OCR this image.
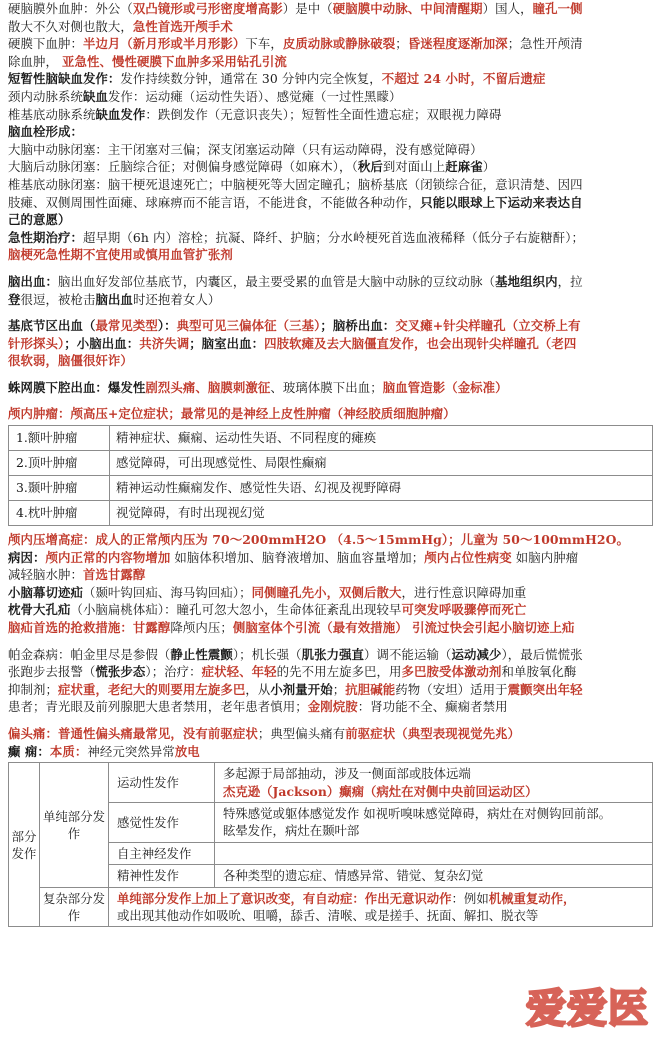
硬脑膜外血肿：外公（双凸镜形或弓形密度增高影）是中（硬脑膜中动脉、中间清醒期）国人，瞳孔一侧
散大不久对侧也散大，急性首选开颅手术
硬膜下血肿：半边月（新月形或半月形影）下车，皮质动脉或静脉破裂；昏迷程度逐渐加深；急性开颅清
除血肿， 亚急性、慢性硬膜下血肿多采用钻孔引流
短暂性脑缺血发作：发作持续数分钟，通常在 30 分钟内完全恢复，不超过 24 小时，不留后遗症
颈内动脉系统缺血发作：运动瘫（运动性失语）、感觉瘫（一过性黑矇）
椎基底动脉系统缺血发作：跌倒发作（无意识丧失）；短暂性全面性遗忘症；双眼视力障碍
脑血栓形成：
大脑中动脉闭塞：主干闭塞对三偏；深支闭塞运动障（只有运动障碍，没有感觉障碍）
大脑后动脉闭塞：丘脑综合征；对侧偏身感觉障碍（如麻木），（秋后到对面山上赶麻雀）
椎基底动脉闭塞：脑干梗死退速死亡；中脑梗死等大固定瞳孔；脑桥基底（闭锁综合征，意识清楚、因四
肢瘫、双侧周围性面瘫、球麻痹而不能言语，不能进食，不能做各种动作，只能以眼球上下运动来表达自
己的意愿）
急性期治疗：超早期（6h 内）溶栓；抗凝、降纤、护脑；分水岭梗死首选血液稀释（低分子右旋糖酐）；
脑梗死急性期不宜使用或慎用血管扩张剂
脑出血：脑出血好发部位基底节，内囊区，最主要受累的血管是大脑中动脉的豆纹动脉（基地组织内，拉
登很逗，被枪击脑出血时还抱着女人）
基底节区出血（最常见类型）：典型可见三偏体征（三基）；脑桥出血：交叉瘫+针尖样瞳孔（立交桥上有
针形探头）；小脑出血：共济失调；脑室出血：四肢软瘫及去大脑僵直发作，也会出现针尖样瞳孔（老四
很软弱，脑僵很奸诈）
蛛网膜下腔出血：爆发性剧烈头痛、脑膜刺激征、玻璃体膜下出血；脑血管造影（金标准）
颅内肿瘤：颅高压+定位症状；最常见的是神经上皮性肿瘤（神经胶质细胞肿瘤）
1.额叶肿瘤	精神症状、癫痫、运动性失语、不同程度的瘫痪
2.顶叶肿瘤	感觉障碍，可出现感觉性、局限性癫痫
3.颞叶肿瘤	精神运动性癫痫发作、感觉性失语、幻视及视野障碍
4.枕叶肿瘤	视觉障碍，有时出现视幻觉
颅内压增高症：成人的正常颅内压为 70～200mmH2O （4.5～15mmHg）；儿童为 50～100mmH2O。
病因：颅内正常的内容物增加 如脑体积增加、脑脊液增加、脑血容量增加；颅内占位性病变 如脑内肿瘤
减轻脑水肿：首选甘露醇
小脑幕切迹疝（颞叶钩回疝、海马钩回疝）；同侧瞳孔先小，双侧后散大，进行性意识障碍加重
枕骨大孔疝（小脑扁桃体疝）：瞳孔可忽大忽小，生命体征紊乱出现较早可突发呼吸骤停而死亡
脑疝首选的抢救措施：甘露醇降颅内压；侧脑室体个引流（最有效措施） 引流过快会引起小脑切迹上疝
帕金森病：帕金里尽是参假（静止性震颤）；机长强（肌张力强直）调不能运输（运动减少），最后慌慌张
张跑步去报警（慌张步态）；治疗：症状轻、年轻的先不用左旋多巴，用多巴胺受体激动剂和单胺氧化酶
抑制剂；症状重，老纪大的则要用左旋多巴，从小剂量开始；抗胆碱能药物（安坦）适用于震颤突出年轻
患者；青光眼及前列腺肥大患者禁用，老年患者慎用；金刚烷胺：肾功能不全、癫痫者禁用
偏头痛：普通性偏头痛最常见，没有前驱症状；典型偏头痛有前驱症状（典型表现视觉先兆）
癫 痫：本质：神经元突然异常放电
部分发作	单纯部分发作	运动性发作	多起源于局部抽动，涉及一侧面部或肢体远端
杰克逊（Jackson）癫痫（病灶在对侧中央前回运动区）

		感觉性发作	特殊感觉或躯体感觉发作 如视听嗅味感觉障碍，病灶在对侧钩回前部。
眩晕发作，病灶在颞叶部

		自主神经发作	
		精神性发作	各种类型的遗忘症、情感异常、错觉、复杂幻觉

	复杂部分发作	单纯部分发作上加上了意识改变，有自动症：作出无意识动作：例如机械重复动作，
或出现其他动作如吸吮、咀嚼，舔舌、清喉、或是搓手、抚面、解扣、脱衣等	
爱爱医
